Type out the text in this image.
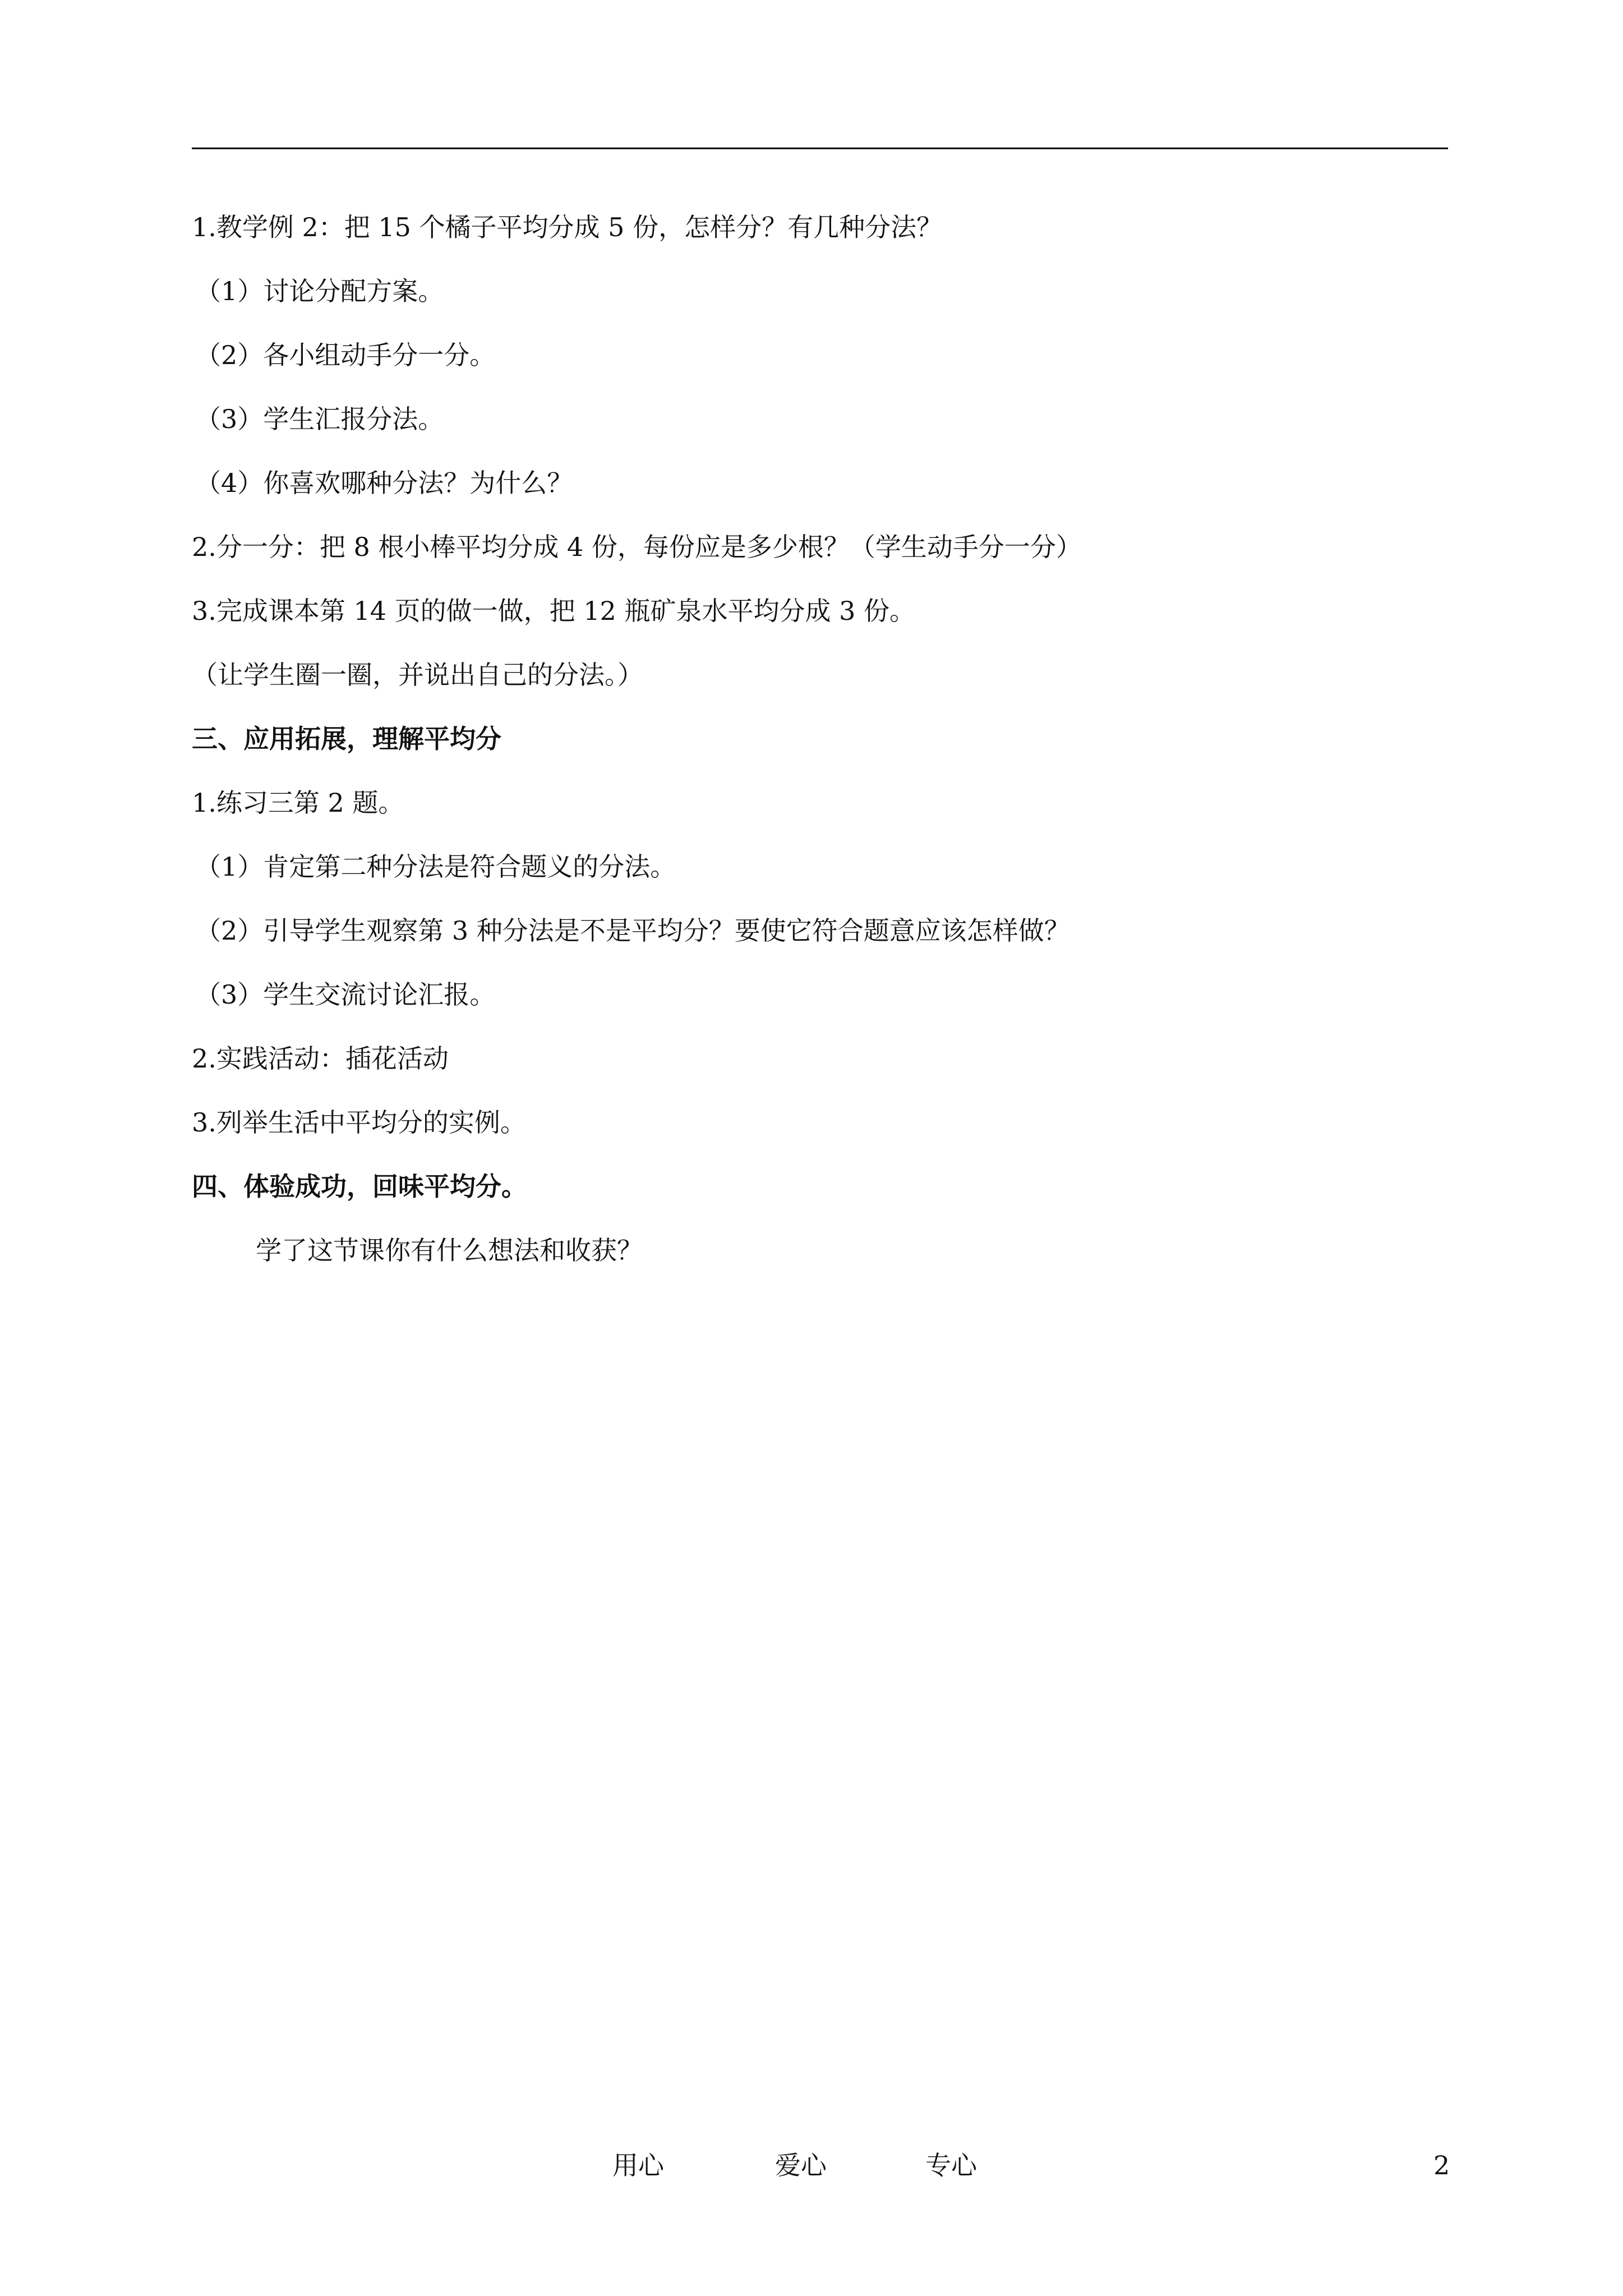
1.教学例 2：把 15 个橘子平均分成 5 份，怎样分？有几种分法？
（1）讨论分配方案。
（2）各小组动手分一分。
（3）学生汇报分法。
（4）你喜欢哪种分法？为什么？
2.分一分：把 8 根小棒平均分成 4 份，每份应是多少根？（学生动手分一分）
3.完成课本第 14 页的做一做，把 12 瓶矿泉水平均分成 3 份。
（让学生圈一圈，并说出自己的分法。）
三、应用拓展，理解平均分
1.练习三第 2 题。
（1）肯定第二种分法是符合题义的分法。
（2）引导学生观察第 3 种分法是不是平均分？要使它符合题意应该怎样做？
（3）学生交流讨论汇报。
2.实践活动：插花活动
3.列举生活中平均分的实例。
四、体验成功，回味平均分。
学了这节课你有什么想法和收获？
用心	爱心	专心	2
